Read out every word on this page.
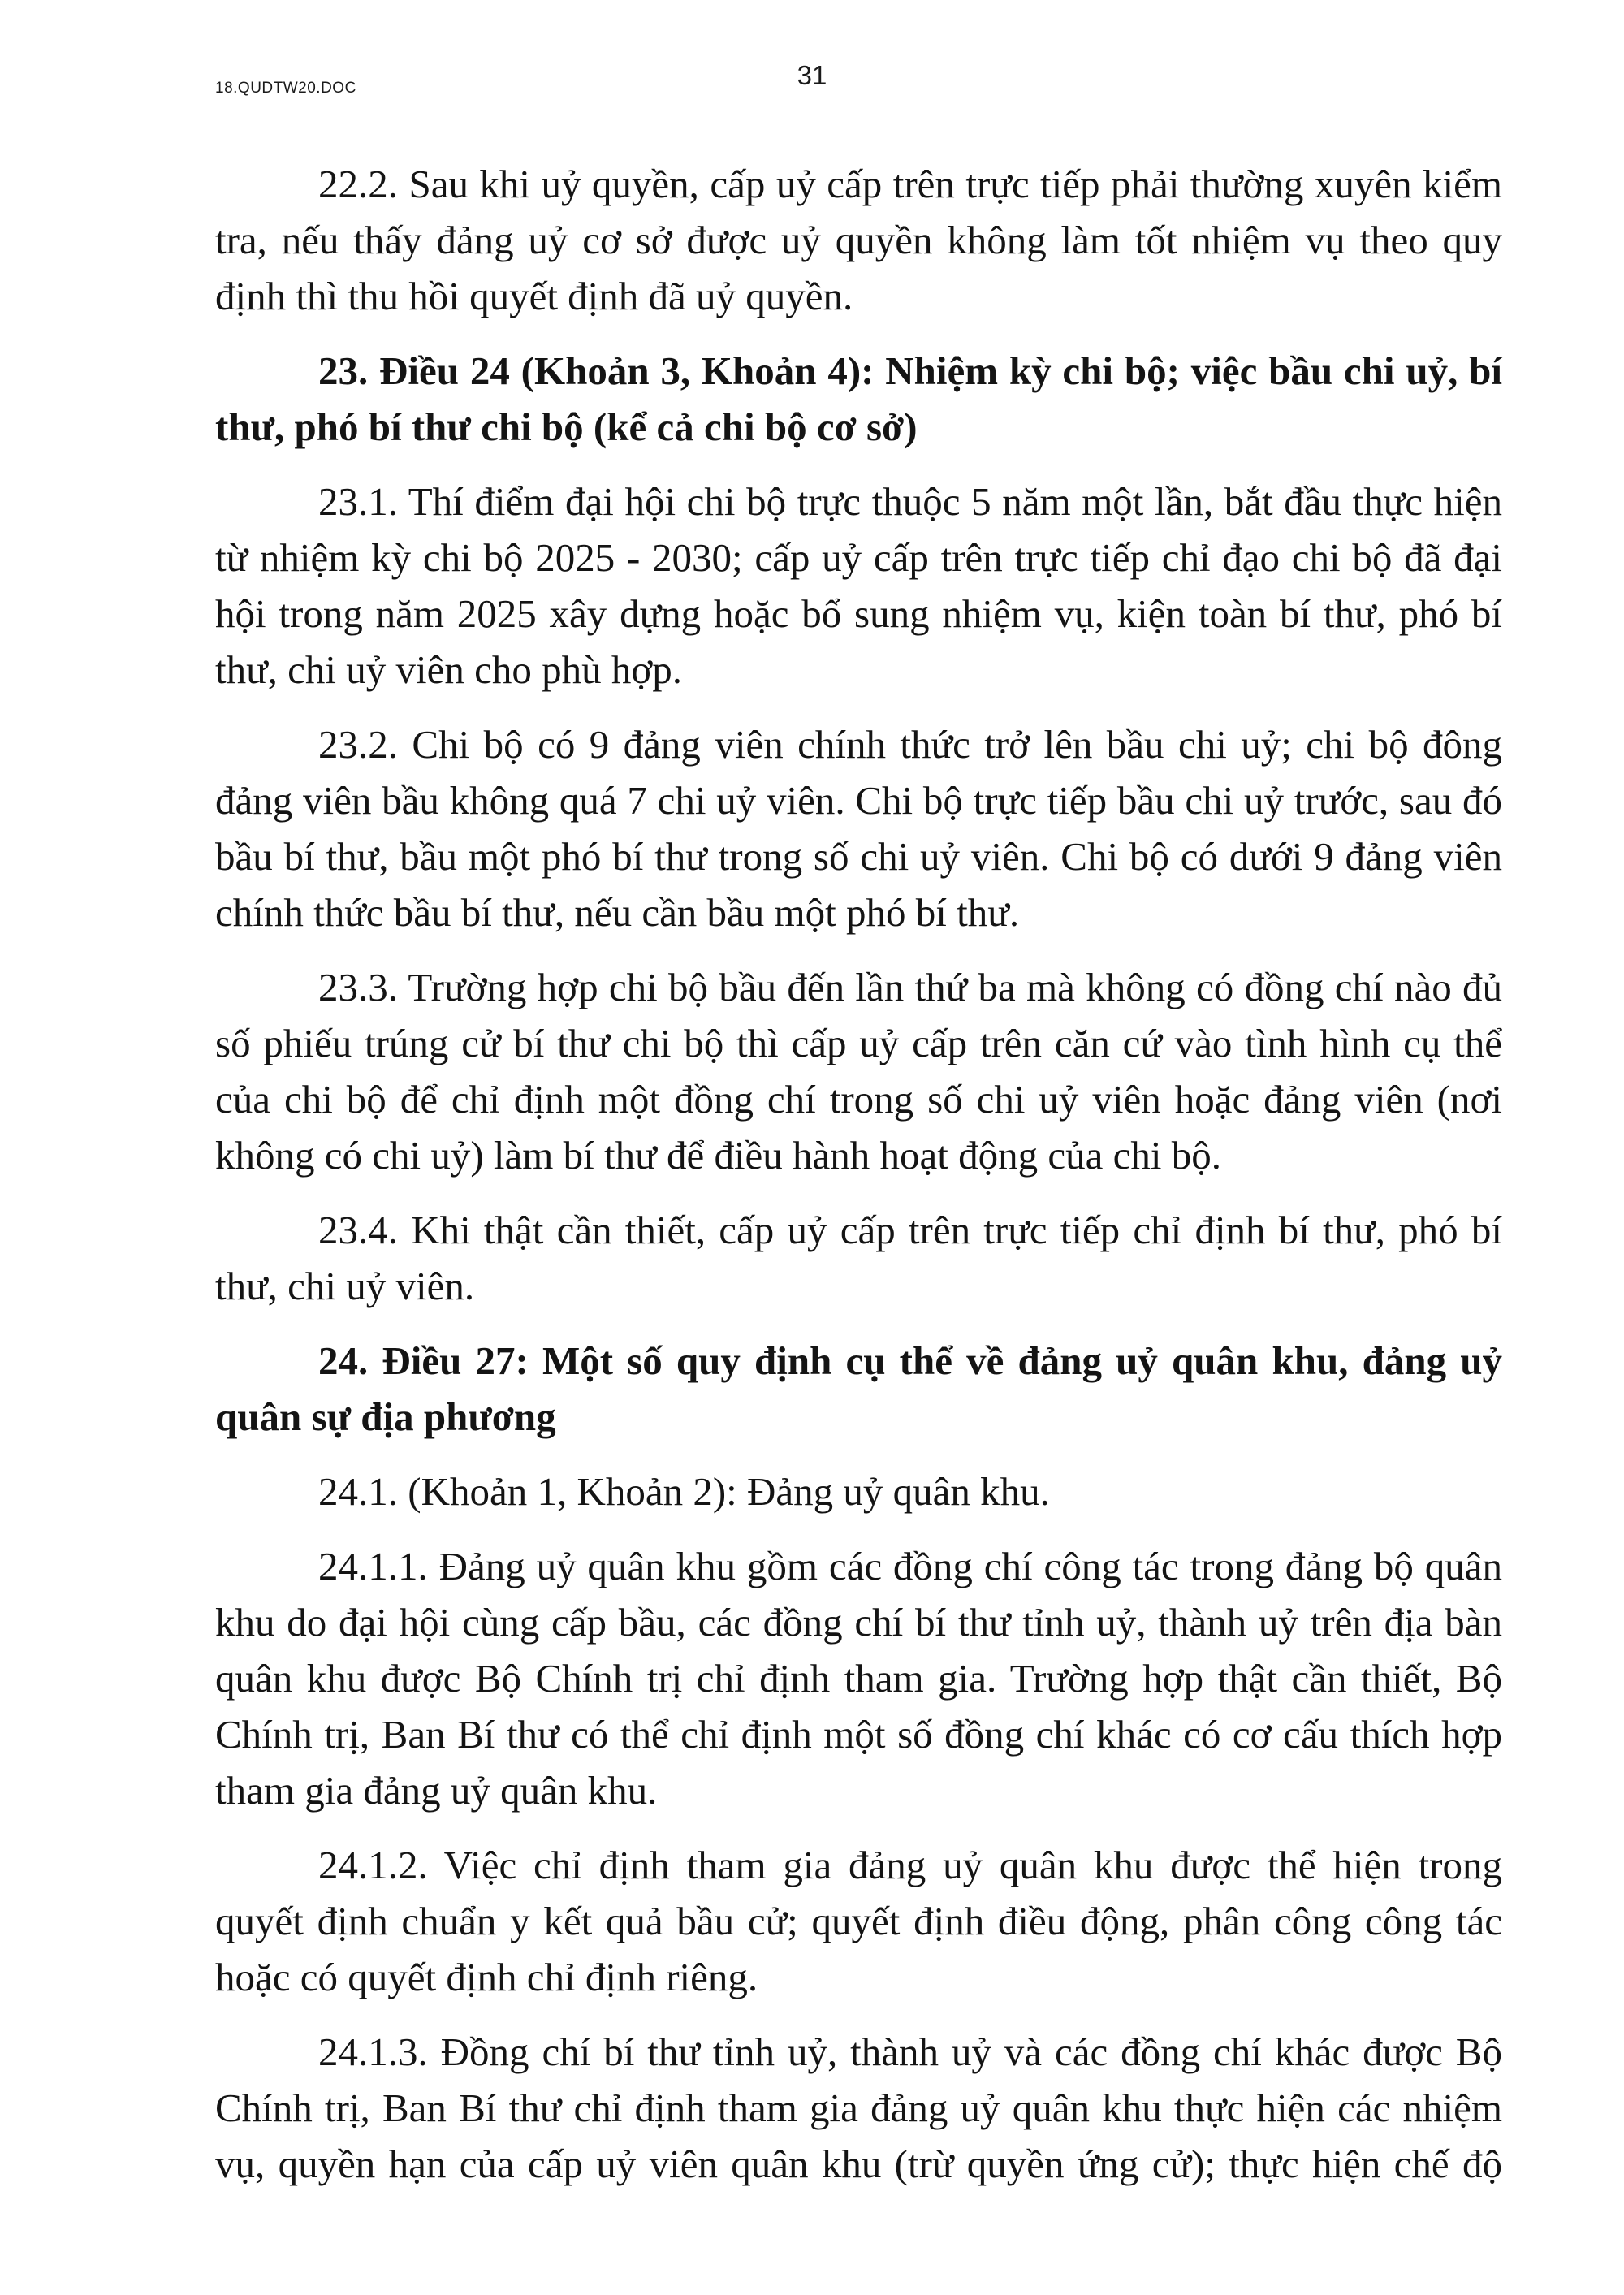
18.QUDTW20.DOC	31

22.2. Sau khi uỷ quyền, cấp uỷ cấp trên trực tiếp phải thường xuyên kiểm
tra, nếu thấy đảng uỷ cơ sở được uỷ quyền không làm tốt nhiệm vụ theo quy
định thì thu hồi quyết định đã uỷ quyền.

23. Điều 24 (Khoản 3, Khoản 4): Nhiệm kỳ chi bộ; việc bầu chi uỷ, bí
thư, phó bí thư chi bộ (kể cả chi bộ cơ sở)

23.1. Thí điểm đại hội chi bộ trực thuộc 5 năm một lần, bắt đầu thực hiện
từ nhiệm kỳ chi bộ 2025 - 2030; cấp uỷ cấp trên trực tiếp chỉ đạo chi bộ đã đại
hội trong năm 2025 xây dựng hoặc bổ sung nhiệm vụ, kiện toàn bí thư, phó bí
thư, chi uỷ viên cho phù hợp.

23.2. Chi bộ có 9 đảng viên chính thức trở lên bầu chi uỷ; chi bộ đông
đảng viên bầu không quá 7 chi uỷ viên. Chi bộ trực tiếp bầu chi uỷ trước, sau đó
bầu bí thư, bầu một phó bí thư trong số chi uỷ viên. Chi bộ có dưới 9 đảng viên
chính thức bầu bí thư, nếu cần bầu một phó bí thư.

23.3. Trường hợp chi bộ bầu đến lần thứ ba mà không có đồng chí nào đủ
số phiếu trúng cử bí thư chi bộ thì cấp uỷ cấp trên căn cứ vào tình hình cụ thể
của chi bộ để chỉ định một đồng chí trong số chi uỷ viên hoặc đảng viên (nơi
không có chi uỷ) làm bí thư để điều hành hoạt động của chi bộ.

23.4. Khi thật cần thiết, cấp uỷ cấp trên trực tiếp chỉ định bí thư, phó bí
thư, chi uỷ viên.

24. Điều 27: Một số quy định cụ thể về đảng uỷ quân khu, đảng uỷ
quân sự địa phương

24.1. (Khoản 1, Khoản 2): Đảng uỷ quân khu.

24.1.1. Đảng uỷ quân khu gồm các đồng chí công tác trong đảng bộ quân
khu do đại hội cùng cấp bầu, các đồng chí bí thư tỉnh uỷ, thành uỷ trên địa bàn
quân khu được Bộ Chính trị chỉ định tham gia. Trường hợp thật cần thiết, Bộ
Chính trị, Ban Bí thư có thể chỉ định một số đồng chí khác có cơ cấu thích hợp
tham gia đảng uỷ quân khu.

24.1.2. Việc chỉ định tham gia đảng uỷ quân khu được thể hiện trong
quyết định chuẩn y kết quả bầu cử; quyết định điều động, phân công công tác
hoặc có quyết định chỉ định riêng.

24.1.3. Đồng chí bí thư tỉnh uỷ, thành uỷ và các đồng chí khác được Bộ
Chính trị, Ban Bí thư chỉ định tham gia đảng uỷ quân khu thực hiện các nhiệm
vụ, quyền hạn của cấp uỷ viên quân khu (trừ quyền ứng cử); thực hiện chế độ
